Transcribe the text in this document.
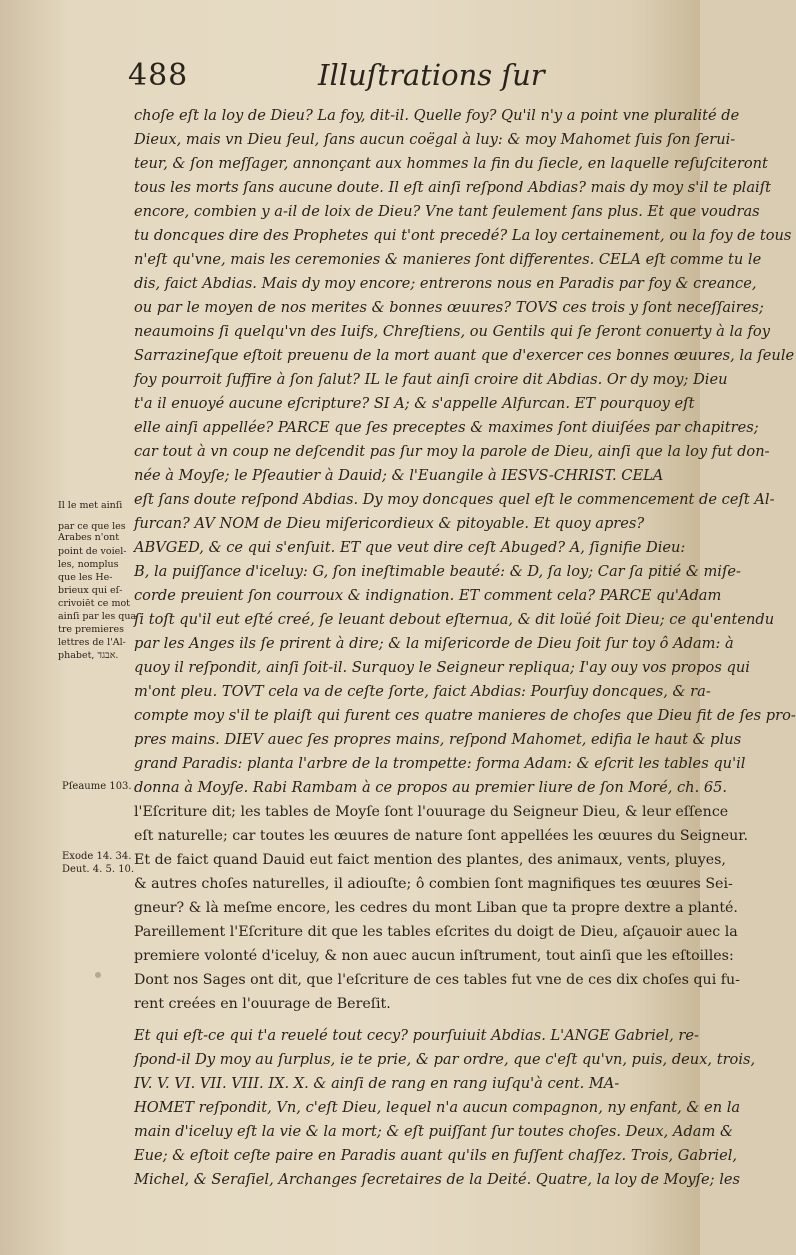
488	Illuſtrations ſur
Il le met ainſi
par ce que les
Arabes n'ont
point de voiel-
les, nomplus
que les He-
brieux qui eſ-
crivoiēt ce mot
ainſi par les qua
tre premieres
lettres de l'Al-
phabet, אבגד.
Pſeaume 103.
Exode 14. 34.
Deut. 4. 5. 10.
choſe eſt la loy de Dieu? La foy, dit-il. Quelle foy? Qu'il n'y a point vne pluralité de
Dieux, mais vn Dieu ſeul, ſans aucun coëgal à luy: & moy Mahomet ſuis ſon ſerui-
teur, & ſon meſſager, annonçant aux hommes la fin du ſiecle, en laquelle reſuſciteront
tous les morts ſans aucune doute. Il eſt ainſi reſpond Abdias? mais dy moy s'il te plaiſt
encore, combien y a-il de loix de Dieu? Vne tant ſeulement ſans plus. Et que voudras
tu doncques dire des Prophetes qui t'ont precedé? La loy certainement, ou la foy de tous
n'eſt qu'vne, mais les ceremonies & manieres ſont differentes. CELA eſt comme tu le
dis, faict Abdias. Mais dy moy encore; entrerons nous en Paradis par foy & creance,
ou par le moyen de nos merites & bonnes œuures? TOVS ces trois y ſont neceſſaires;
neaumoins ſi quelqu'vn des Iuifs, Chreſtiens, ou Gentils qui ſe ſeront conuerty à la foy
Sarrazineſque eſtoit preuenu de la mort auant que d'exercer ces bonnes œuures, la ſeule
foy pourroit ſuffire à ſon ſalut? IL le faut ainſi croire dit Abdias. Or dy moy; Dieu
t'a il enuoyé aucune eſcripture? SI A; & s'appelle Alfurcan. ET pourquoy eſt
elle ainſi appellée? PARCE que ſes preceptes & maximes ſont diuiſées par chapitres;
car tout à vn coup ne deſcendit pas ſur moy la parole de Dieu, ainſi que la loy fut don-
née à Moyſe; le Pſeautier à Dauid; & l'Euangile à IESVS-CHRIST. CELA
eſt ſans doute reſpond Abdias. Dy moy doncques quel eſt le commencement de ceſt Al-
furcan? AV NOM de Dieu miſericordieux & pitoyable. Et quoy apres?
ABVGED, & ce qui s'enſuit. ET que veut dire ceſt Abuged? A, ſignifie Dieu:
B, la puiſſance d'iceluy: G, ſon ineſtimable beauté: & D, ſa loy; Car ſa pitié & miſe-
corde preuient ſon courroux & indignation. ET comment cela? PARCE qu'Adam
ſi toſt qu'il eut eſté creé, ſe leuant debout eſternua, & dit loüé ſoit Dieu; ce qu'entendu
par les Anges ils ſe prirent à dire; & la miſericorde de Dieu ſoit ſur toy ô Adam: à
quoy il reſpondit, ainſi ſoit-il. Surquoy le Seigneur repliqua; I'ay ouy vos propos qui
m'ont pleu. TOVT cela va de ceſte ſorte, faict Abdias: Pourſuy doncques, & ra-
compte moy s'il te plaiſt qui furent ces quatre manieres de choſes que Dieu fit de ſes pro-
pres mains. DIEV auec ſes propres mains, reſpond Mahomet, edifia le haut & plus
grand Paradis: planta l'arbre de la trompette: forma Adam: & eſcrit les tables qu'il
donna à Moyſe. Rabi Rambam à ce propos au premier liure de ſon Moré, ch. 65.
l'Eſcriture dit; les tables de Moyſe ſont l'ouurage du Seigneur Dieu, & leur eſſence
eſt naturelle; car toutes les œuures de nature ſont appellées les œuures du Seigneur.
Et de faict quand Dauid eut faict mention des plantes, des animaux, vents, pluyes,
& autres choſes naturelles, il adiouſte; ô combien ſont magnifiques tes œuures Sei-
gneur? & là meſme encore, les cedres du mont Liban que ta propre dextre a planté.
Pareillement l'Eſcriture dit que les tables eſcrites du doigt de Dieu, aſçauoir auec la
premiere volonté d'iceluy, & non auec aucun inſtrument, tout ainſi que les eſtoilles:
Dont nos Sages ont dit, que l'eſcriture de ces tables fut vne de ces dix choſes qui fu-
rent creées en l'ouurage de Bereſit.
Et qui eſt-ce qui t'a reuelé tout cecy? pourſuiuit Abdias. L'ANGE Gabriel, re-
ſpond-il Dy moy au ſurplus, ie te prie, & par ordre, que c'eſt qu'vn, puis, deux, trois,
IV. V. VI. VII. VIII. IX. X. & ainſi de rang en rang iuſqu'à cent. MA-
HOMET reſpondit, Vn, c'eſt Dieu, lequel n'a aucun compagnon, ny enfant, & en la
main d'iceluy eſt la vie & la mort; & eſt puiſſant ſur toutes choſes. Deux, Adam &
Eue; & eſtoit ceſte paire en Paradis auant qu'ils en fuſſent chaſſez. Trois, Gabriel,
Michel, & Seraſiel, Archanges ſecretaires de la Deité. Quatre, la loy de Moyſe; les
